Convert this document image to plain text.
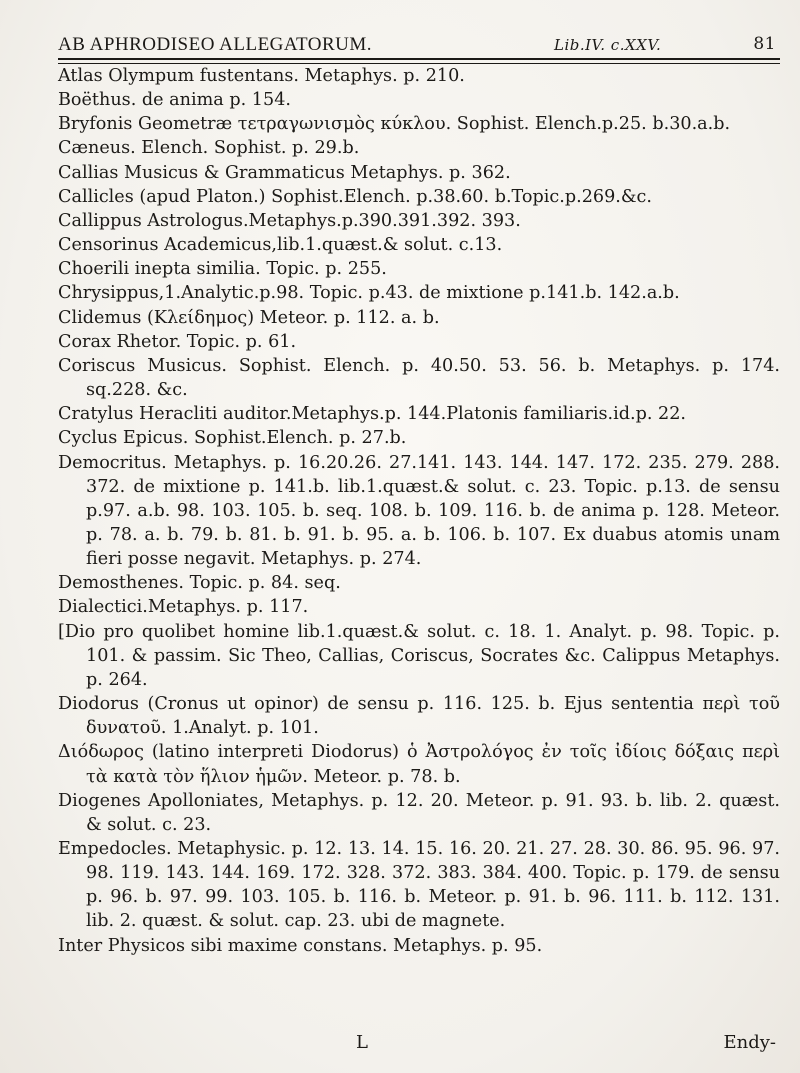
AB APHRODISEO ALLEGATORUM.	Lib.IV. c.XXV.	81

Atlas Olympum fustentans. Metaphys. p. 210.

Boëthus. de anima p. 154.

Bryfonis Geometræ τετραγωνισμὸς κύκλου. Sophist. Elench.p.25. b.30.a.b.

Cæneus. Elench. Sophist. p. 29.b.

Callias Musicus & Grammaticus Metaphys. p. 362.

Callicles (apud Platon.) Sophist.Elench. p.38.60. b.Topic.p.269.&c.

Callippus Astrologus.Metaphys.p.390.391.392. 393.

Censorinus Academicus,lib.1.quæst.& solut. c.13.

Choerili inepta similia. Topic. p. 255.

Chrysippus,1.Analytic.p.98. Topic. p.43. de mixtione p.141.b. 142.a.b.

Clidemus (Κλείδημος) Meteor. p. 112. a. b.

Corax Rhetor. Topic. p. 61.

Coriscus Musicus. Sophist. Elench. p. 40.50. 53. 56. b. Metaphys. p. 174. sq.228. &c.

Cratylus Heracliti auditor.Metaphys.p. 144.Platonis familiaris.id.p. 22.

Cyclus Epicus. Sophist.Elench. p. 27.b.

Democritus. Metaphys. p. 16.20.26. 27.141. 143. 144. 147. 172. 235. 279. 288. 372. de mixtione p. 141.b. lib.1.quæst.& solut. c. 23. Topic. p.13. de sensu p.97. a.b. 98. 103. 105. b. seq. 108. b. 109. 116. b. de anima p. 128. Meteor. p. 78. a. b. 79. b. 81. b. 91. b. 95. a. b. 106. b. 107. Ex duabus atomis unam fieri posse negavit. Metaphys. p. 274.

Demosthenes. Topic. p. 84. seq.

Dialectici.Metaphys. p. 117.

[Dio pro quolibet homine lib.1.quæst.& solut. c. 18. 1. Analyt. p. 98. Topic. p. 101. & passim. Sic Theo, Callias, Coriscus, Socrates &c. Calippus Metaphys. p. 264.

Diodorus (Cronus ut opinor) de sensu p. 116. 125. b. Ejus sententia περὶ τοῦ δυνατοῦ. 1.Analyt. p. 101.

Διόδωρος (latino interpreti Diodorus) ὁ Ἀστρολόγος ἐν τοῖς ἰδίοις δόξαις περὶ τὰ κατὰ τὸν ἥλιον ἡμῶν. Meteor. p. 78. b.

Diogenes Apolloniates, Metaphys. p. 12. 20. Meteor. p. 91. 93. b. lib. 2. quæst. & solut. c. 23.

Empedocles. Metaphysic. p. 12. 13. 14. 15. 16. 20. 21. 27. 28. 30. 86. 95. 96. 97. 98. 119. 143. 144. 169. 172. 328. 372. 383. 384. 400. Topic. p. 179. de sensu p. 96. b. 97. 99. 103. 105. b. 116. b. Meteor. p. 91. b. 96. 111. b. 112. 131. lib. 2. quæst. & solut. cap. 23. ubi de magnete.

Inter Physicos sibi maxime constans. Metaphys. p. 95.

L	Endy-
